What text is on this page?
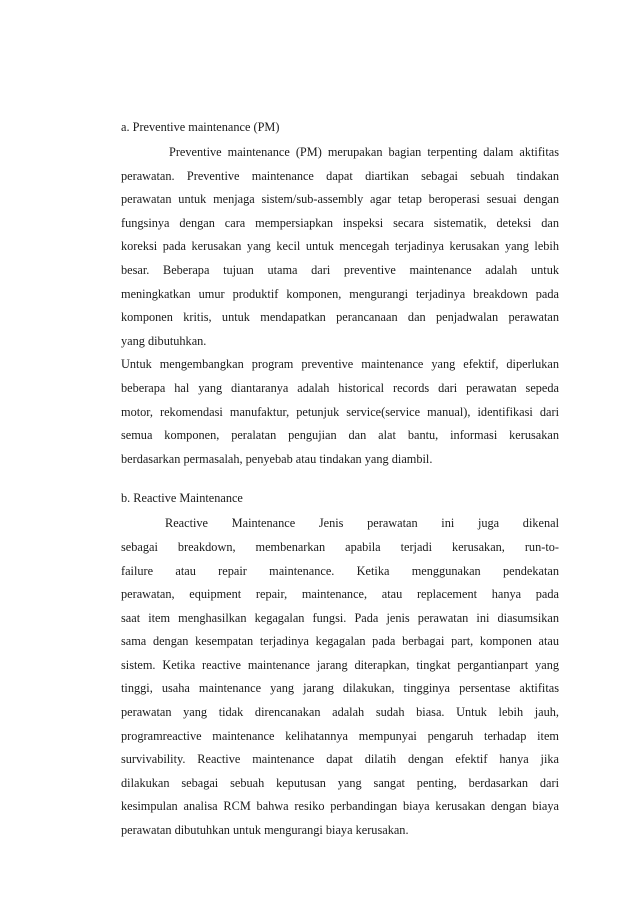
a. Preventive maintenance (PM)

Preventive maintenance (PM) merupakan bagian terpenting dalam aktifitas
perawatan. Preventive maintenance dapat diartikan sebagai sebuah tindakan
perawatan untuk menjaga sistem/sub-assembly agar tetap beroperasi sesuai dengan
fungsinya dengan cara mempersiapkan inspeksi secara sistematik, deteksi dan
koreksi pada kerusakan yang kecil untuk mencegah terjadinya kerusakan yang lebih
besar. Beberapa tujuan utama dari preventive maintenance adalah untuk
meningkatkan umur produktif komponen, mengurangi terjadinya breakdown pada
komponen kritis, untuk mendapatkan perancanaan dan penjadwalan perawatan
yang dibutuhkan.
Untuk mengembangkan program preventive maintenance yang efektif, diperlukan
beberapa hal yang diantaranya adalah historical records dari perawatan sepeda
motor, rekomendasi manufaktur, petunjuk service(service manual), identifikasi dari
semua komponen, peralatan pengujian dan alat bantu, informasi kerusakan
berdasarkan permasalah, penyebab atau tindakan yang diambil.

b. Reactive Maintenance

Reactive Maintenance Jenis perawatan ini juga dikenal
sebagai breakdown, membenarkan apabila terjadi kerusakan, run-to-
failure atau repair maintenance. Ketika menggunakan pendekatan
perawatan, equipment repair, maintenance, atau replacement hanya pada
saat item menghasilkan kegagalan fungsi. Pada jenis perawatan ini diasumsikan
sama dengan kesempatan terjadinya kegagalan pada berbagai part, komponen atau
sistem. Ketika reactive maintenance jarang diterapkan, tingkat pergantianpart yang
tinggi, usaha maintenance yang jarang dilakukan, tingginya persentase aktifitas
perawatan yang tidak direncanakan adalah sudah biasa. Untuk lebih jauh,
programreactive maintenance kelihatannya mempunyai pengaruh terhadap item
survivability. Reactive maintenance dapat dilatih dengan efektif hanya jika
dilakukan sebagai sebuah keputusan yang sangat penting, berdasarkan dari
kesimpulan analisa RCM bahwa resiko perbandingan biaya kerusakan dengan biaya
perawatan dibutuhkan untuk mengurangi biaya kerusakan.
